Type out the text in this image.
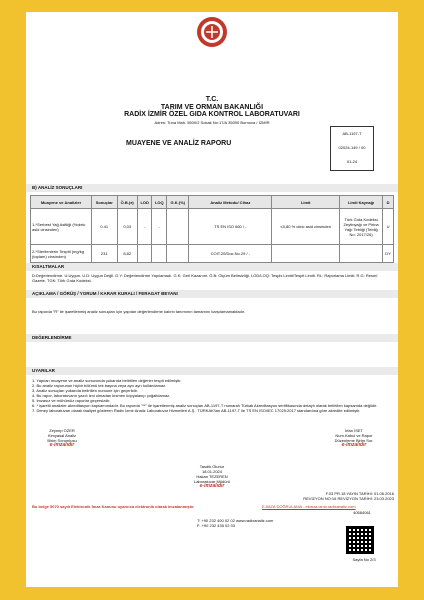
T.C.
TARIM VE ORMAN BAKANLIĞI
RADİX İZMİR ÖZEL GIDA KONTROL LABORATUVARI
Adres: Tuna Mah. 5500/2 Sokak No:17/A 35090 Bornova / İZMİR
MUAYENE VE ANALİZ RAPORU
AB-1197-T
02024-149 / 00
01-24
B) ANALİZ SONUÇLARI
Muayene ve Analizler	Sonuçlar	Ö.B.(±)	LOD	LOQ	G.K.(%)	Analiz Metodu/ Cihaz	Limit	Limit Kaynağı	D
1-*Serbest Yağ Asitliği (%oleic asid cinsinden)	0.41	0,03	-	-		TS EN ISO 660 / -	≤0,80 % oleic asid cinsinden	Türk Gıda Kodeksi Zeytinyağı ve Pirina Yağı Tebliği (Tebliğ No: 2017/26)	U
2-*Sterilenlerin Tespiti (mg/kg (toplam) cinsinden)	231	8,82				COIT.20/Doc.No.29 / -			DY
KISALTMALAR
D:Değerlendirme. U:Uygun. U.D: Uygun Değil. D.Y: Değerlendirme Yapılamadı. G.K: Geri Kazanım. Ö.B: Ölçüm Belirsizliği. LOD/LOQ: Tespis Limiti/Tespit Limiti. RL: Raporlama Limiti. R.G: Resmî Gazete. TGK: Türk Gıda Kodeksi.
AÇIKLAMA / GÖRÜŞ / YORUM / KARAR KURALI / FERAGAT BEYANI
Bu raporda "R" ile işaretlenmiş analiz sonuçları için yapılan değerlendirme kalıntı tanımının tamamını karşılamamaktadır.
DEĞERLENDİRME
UYARILAR
1. Yapılan muayene ve analiz sonucunda yukarıda belirtilen değerler tespit edilmiştir.
2. Bu analiz raporunun hiçbir bölümü tek başına veya ayrı ayrı kullanılamaz.
3. Analiz sonuçları yukarıda belirtilen numune için geçerlidir.
4. Bu rapor, laboratuvarın yazılı izni olmadan kısmen kopyalanıp çoğaltılamaz.
5. İmzasız ve mühürsüz raporlar geçersizdir.
6. * işaretli analizler akreditasyon kapsamındadır. Bu raporda "**" ile işaretlenmiş analiz sonuçları AB-1197-T numaralı Türkak Akreditasyon sertifikasında detaylı olarak belirtilen kapsamda değildir.
7. Deney laboratuvarı olarak faaliyet gösteren Radix İzmir Analiz Laboratuvar Hizmetleri A.Ş., TÜRKAK'tan AB-1197-T ile TS EN ISO/IEC 17025:2017 standardına göre akredite edilmiştir.
Zeynep ÖZER
Kimyasal Analiz
Birim Sorumlusu
e-imzalıdır
İrfan İSET
Num.Kabul ve Rapor
Düzenleme Birim Sor.
e-imzalıdır
Tasdik Olunur
18.01.2024
Hakan TEZEREN
Laboratuvar Müdürü
e-imzalıdır
F.03 PR.18 YAYIN TARİHİ: 01.06.2016
REVİZYON NO:16 REVİZYON TARİHİ: 23.03.2023
Bu belge 5070 sayılı Elektronik İmza Kanunu uyarınca elektronik olarak imzalanmıştır.	E-İMZA DOĞRULAMA - ekmza.izmir.radixanaliz.com
40584061
T: +90 232 400 02 02
F: +90 232 435 02 03
www.radixanaliz.com
Sayfa No 2/3
